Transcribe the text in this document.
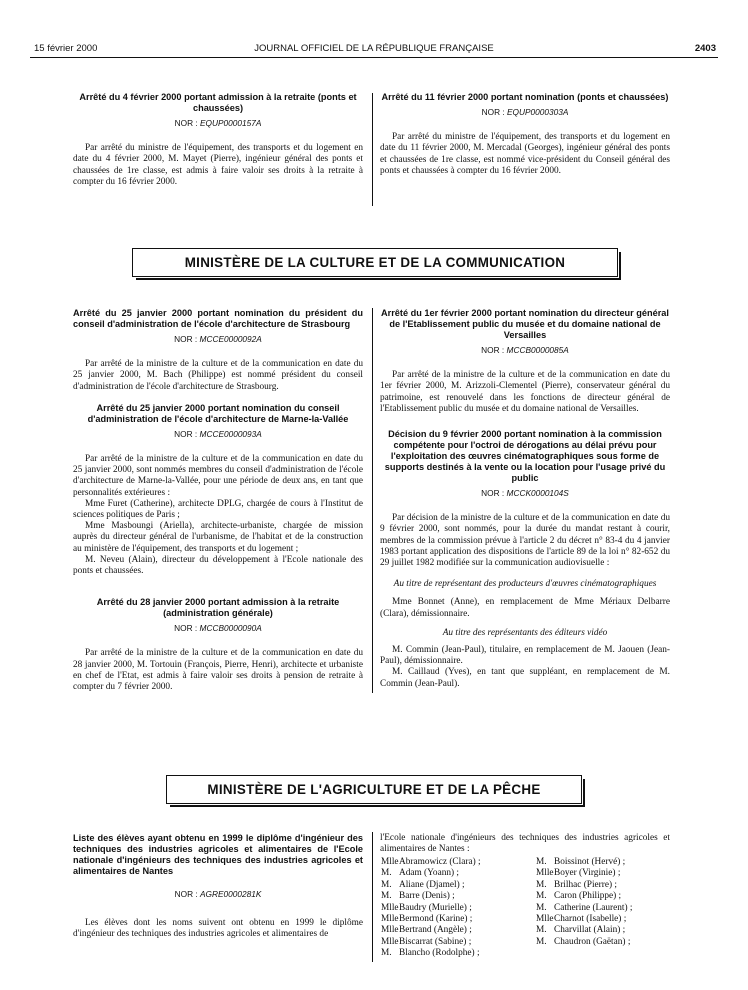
15 février 2000	JOURNAL OFFICIEL DE LA RÉPUBLIQUE FRANÇAISE	2403

Arrêté du 4 février 2000 portant admission à la retraite (ponts et chaussées)

NOR : EQUP0000157A

Par arrêté du ministre de l'équipement, des transports et du logement en date du 4 février 2000, M. Mayet (Pierre), ingénieur général des ponts et chaussées de 1re classe, est admis à faire valoir ses droits à la retraite à compter du 16 février 2000.

Arrêté du 11 février 2000 portant nomination (ponts et chaussées)

NOR : EQUP0000303A

Par arrêté du ministre de l'équipement, des transports et du logement en date du 11 février 2000, M. Mercadal (Georges), ingénieur général des ponts et chaussées de 1re classe, est nommé vice-président du Conseil général des ponts et chaussées à compter du 16 février 2000.

MINISTÈRE DE LA CULTURE ET DE LA COMMUNICATION

Arrêté du 25 janvier 2000 portant nomination du président du conseil d'administration de l'école d'architecture de Strasbourg

NOR : MCCE0000092A

Par arrêté de la ministre de la culture et de la communication en date du 25 janvier 2000, M. Bach (Philippe) est nommé président du conseil d'administration de l'école d'architecture de Strasbourg.

Arrêté du 25 janvier 2000 portant nomination du conseil d'administration de l'école d'architecture de Marne-la-Vallée

NOR : MCCE0000093A

Par arrêté de la ministre de la culture et de la communication en date du 25 janvier 2000, sont nommés membres du conseil d'administration de l'école d'architecture de Marne-la-Vallée, pour une période de deux ans, en tant que personnalités extérieures :

Mme Furet (Catherine), architecte DPLG, chargée de cours à l'Institut de sciences politiques de Paris ;

Mme Masboungi (Ariella), architecte-urbaniste, chargée de mission auprès du directeur général de l'urbanisme, de l'habitat et de la construction au ministère de l'équipement, des transports et du logement ;

M. Neveu (Alain), directeur du développement à l'Ecole nationale des ponts et chaussées.

Arrêté du 28 janvier 2000 portant admission à la retraite (administration générale)

NOR : MCCB0000090A

Par arrêté de la ministre de la culture et de la communication en date du 28 janvier 2000, M. Tortouin (François, Pierre, Henri), architecte et urbaniste en chef de l'Etat, est admis à faire valoir ses droits à pension de retraite à compter du 7 février 2000.

Arrêté du 1er février 2000 portant nomination du directeur général de l'Etablissement public du musée et du domaine national de Versailles

NOR : MCCB0000085A

Par arrêté de la ministre de la culture et de la communication en date du 1er février 2000, M. Arizzoli-Clementel (Pierre), conservateur général du patrimoine, est renouvelé dans les fonctions de directeur général de l'Etablissement public du musée et du domaine national de Versailles.

Décision du 9 février 2000 portant nomination à la commission compétente pour l'octroi de dérogations au délai prévu pour l'exploitation des œuvres cinématographiques sous forme de supports destinés à la vente ou la location pour l'usage privé du public

NOR : MCCK0000104S

Par décision de la ministre de la culture et de la communication en date du 9 février 2000, sont nommés, pour la durée du mandat restant à courir, membres de la commission prévue à l'article 2 du décret n° 83-4 du 4 janvier 1983 portant application des dispositions de l'article 89 de la loi n° 82-652 du 29 juillet 1982 modifiée sur la communication audiovisuelle :

Au titre de représentant des producteurs d'œuvres cinématographiques

Mme Bonnet (Anne), en remplacement de Mme Mériaux Delbarre (Clara), démissionnaire.

Au titre des représentants des éditeurs vidéo

M. Commin (Jean-Paul), titulaire, en remplacement de M. Jaouen (Jean-Paul), démissionnaire.

M. Caillaud (Yves), en tant que suppléant, en remplacement de M. Commin (Jean-Paul).

MINISTÈRE DE L'AGRICULTURE ET DE LA PÊCHE

Liste des élèves ayant obtenu en 1999 le diplôme d'ingénieur des techniques des industries agricoles et alimentaires de l'Ecole nationale d'ingénieurs des techniques des industries agricoles et alimentaires de Nantes

NOR : AGRE0000281K

Les élèves dont les noms suivent ont obtenu en 1999 le diplôme d'ingénieur des techniques des industries agricoles et alimentaires de

l'Ecole nationale d'ingénieurs des techniques des industries agricoles et alimentaires de Nantes :

MlleAbramowicz (Clara) ;
M. Adam (Yoann) ;
M. Aliane (Djamel) ;
M. Barre (Denis) ;
MlleBaudry (Murielle) ;
MlleBermond (Karine) ;
MlleBertrand (Angèle) ;
MlleBiscarrat (Sabine) ;
M. Blancho (Rodolphe) ;
M. Boissinot (Hervé) ;
MlleBoyer (Virginie) ;
M. Brilhac (Pierre) ;
M. Caron (Philippe) ;
M. Catherine (Laurent) ;
MlleCharnot (Isabelle) ;
M. Charvillat (Alain) ;
M. Chaudron (Gaëtan) ;
